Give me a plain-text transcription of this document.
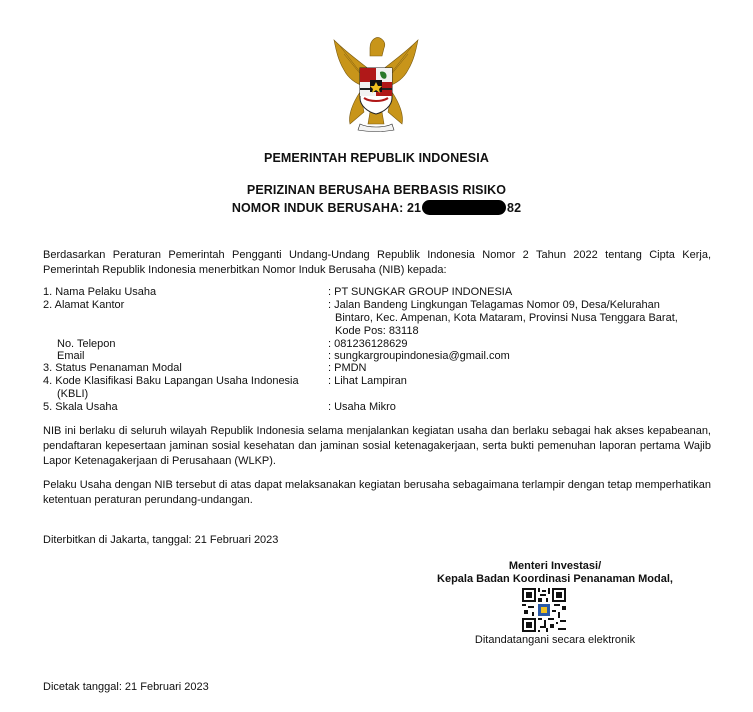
PEMERINTAH REPUBLIK INDONESIA
PERIZINAN BERUSAHA BERBASIS RISIKO
NOMOR INDUK BERUSAHA: 21	82
Berdasarkan Peraturan Pemerintah Pengganti Undang-Undang Republik Indonesia Nomor 2 Tahun 2022 tentang Cipta Kerja, Pemerintah Republik Indonesia menerbitkan Nomor Induk Berusaha (NIB) kepada:
1. Nama Pelaku Usaha	: PT SUNGKAR GROUP INDONESIA
2. Alamat Kantor	: Jalan Bandeng Lingkungan Telagamas Nomor 09, Desa/Kelurahan
Bintaro, Kec. Ampenan, Kota Mataram, Provinsi Nusa Tenggara Barat,
Kode Pos: 83118
No. Telepon	: 081236128629
Email	: sungkargroupindonesia@gmail.com
3. Status Penanaman Modal	: PMDN
4. Kode Klasifikasi Baku Lapangan Usaha Indonesia
(KBLI)
: Lihat Lampiran
5. Skala Usaha	: Usaha Mikro
NIB ini berlaku di seluruh wilayah Republik Indonesia selama menjalankan kegiatan usaha dan berlaku sebagai hak akses kepabeanan, pendaftaran kepesertaan jaminan sosial kesehatan dan jaminan sosial ketenagakerjaan, serta bukti pemenuhan laporan pertama Wajib Lapor Ketenagakerjaan di Perusahaan (WLKP).
Pelaku Usaha dengan NIB tersebut di atas dapat melaksanakan kegiatan berusaha sebagaimana terlampir dengan tetap memperhatikan ketentuan peraturan perundang-undangan.
Diterbitkan di Jakarta, tanggal: 21 Februari 2023
Menteri Investasi/
Kepala Badan Koordinasi Penanaman Modal,
Ditandatangani secara elektronik
Dicetak tanggal: 21 Februari 2023
